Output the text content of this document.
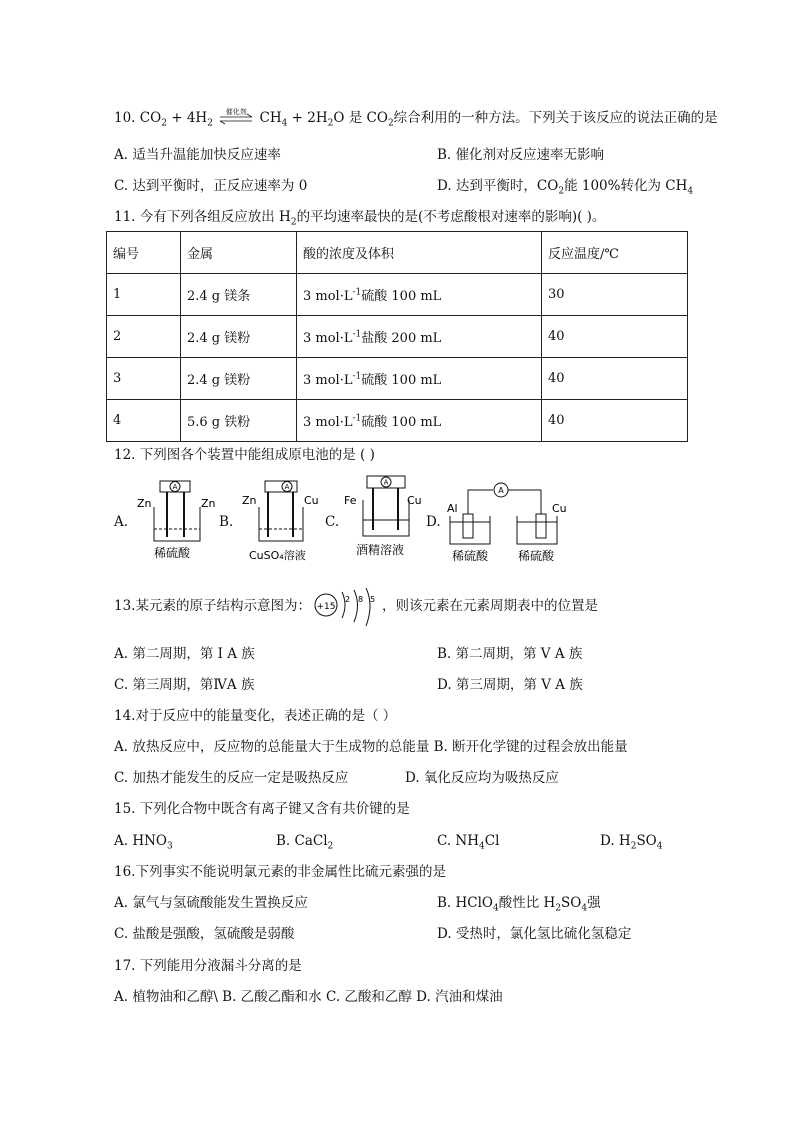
10. $CO_2 + 4H_2$
催化剂 $CH_4 + 2H_2O$ 是 $CO_2$综合利用的一种方法。下列关于该反应的说法正确的是
A. 适当升温能加快反应速率	B. 催化剂对反应速率无影响
C. 达到平衡时，正反应速率为 0	D. 达到平衡时，$CO_2$能 100%转化为 $CH_4$
11. 今有下列各组反应放出 $H_2$的平均速率最快的是(不考虑酸根对速率的影响)( )。
编号	金属	酸的浓度及体积	反应温度/℃
1	2.4 g 镁条	3 $mol\cdot L^{-1}$硫酸 100 mL	30
2	2.4 g 镁粉	3 $mol\cdot L^{-1}$盐酸 200 mL	40
3	2.4 g 镁粉	3 $mol\cdot L^{-1}$硫酸 100 mL	40
4	5.6 g 铁粉	3 $mol\cdot L^{-1}$硫酸 100 mL	40
12. 下列图各个装置中能组成原电池的是 ( )
A.	B.	C.	D.
A
Zn	Zn
稀硫酸
A
Zn	Cu
CuSO₄溶液
A
Fe	Cu
酒精溶液
A
Al	Cu
稀硫酸 稀硫酸
13.某元素的原子结构示意图为： +15
2 8 5 ，则该元素在元素周期表中的位置是
A. 第二周期，第 I A 族	B. 第二周期，第 V A 族
C. 第三周期，第ⅣA 族	D. 第三周期，第 V A 族
14.对于反应中的能量变化，表述正确的是（ ）
A. 放热反应中，反应物的总能量大于生成物的总能量 B. 断开化学键的过程会放出能量
C. 加热才能发生的反应一定是吸热反应	D. 氧化反应均为吸热反应
15. 下列化合物中既含有离子键又含有共价键的是
A. $HNO_3$	B. CaCl$_2$	C. $NH_4Cl$	D. $H_2SO_4$
16.下列事实不能说明氯元素的非金属性比硫元素强的是
A. 氯气与氢硫酸能发生置换反应	B. HClO$_4$酸性比 $H_2SO_4$强
C. 盐酸是强酸，氢硫酸是弱酸	D. 受热时，氯化氢比硫化氢稳定
17. 下列能用分液漏斗分离的是
A. 植物油和乙醇\ B. 乙酸乙酯和水 C. 乙酸和乙醇 D. 汽油和煤油
